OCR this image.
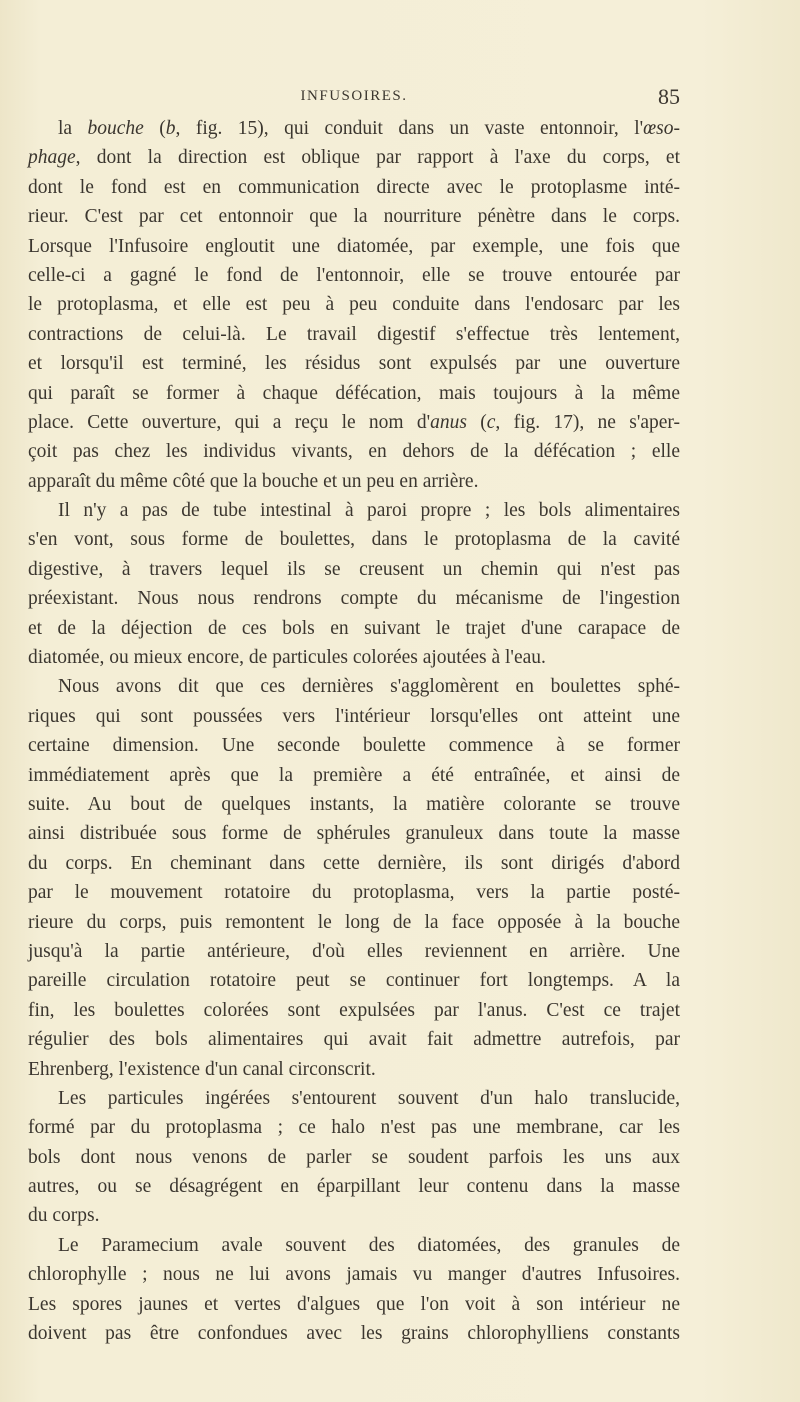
INFUSOIRES.	85
la bouche (b, fig. 15), qui conduit dans un vaste entonnoir, l'œso-
phage, dont la direction est oblique par rapport à l'axe du corps, et
dont le fond est en communication directe avec le protoplasme inté-
rieur. C'est par cet entonnoir que la nourriture pénètre dans le corps.
Lorsque l'Infusoire engloutit une diatomée, par exemple, une fois que
celle-ci a gagné le fond de l'entonnoir, elle se trouve entourée par
le protoplasma, et elle est peu à peu conduite dans l'endosarc par les
contractions de celui-là. Le travail digestif s'effectue très lentement,
et lorsqu'il est terminé, les résidus sont expulsés par une ouverture
qui paraît se former à chaque défécation, mais toujours à la même
place. Cette ouverture, qui a reçu le nom d'anus (c, fig. 17), ne s'aper-
çoit pas chez les individus vivants, en dehors de la défécation ; elle
apparaît du même côté que la bouche et un peu en arrière.
Il n'y a pas de tube intestinal à paroi propre ; les bols alimentaires
s'en vont, sous forme de boulettes, dans le protoplasma de la cavité
digestive, à travers lequel ils se creusent un chemin qui n'est pas
préexistant. Nous nous rendrons compte du mécanisme de l'ingestion
et de la déjection de ces bols en suivant le trajet d'une carapace de
diatomée, ou mieux encore, de particules colorées ajoutées à l'eau.
Nous avons dit que ces dernières s'agglomèrent en boulettes sphé-
riques qui sont poussées vers l'intérieur lorsqu'elles ont atteint une
certaine dimension. Une seconde boulette commence à se former
immédiatement après que la première a été entraînée, et ainsi de
suite. Au bout de quelques instants, la matière colorante se trouve
ainsi distribuée sous forme de sphérules granuleux dans toute la masse
du corps. En cheminant dans cette dernière, ils sont dirigés d'abord
par le mouvement rotatoire du protoplasma, vers la partie posté-
rieure du corps, puis remontent le long de la face opposée à la bouche
jusqu'à la partie antérieure, d'où elles reviennent en arrière. Une
pareille circulation rotatoire peut se continuer fort longtemps. A la
fin, les boulettes colorées sont expulsées par l'anus. C'est ce trajet
régulier des bols alimentaires qui avait fait admettre autrefois, par
Ehrenberg, l'existence d'un canal circonscrit.
Les particules ingérées s'entourent souvent d'un halo translucide,
formé par du protoplasma ; ce halo n'est pas une membrane, car les
bols dont nous venons de parler se soudent parfois les uns aux
autres, ou se désagrégent en éparpillant leur contenu dans la masse
du corps.
Le Paramecium avale souvent des diatomées, des granules de
chlorophylle ; nous ne lui avons jamais vu manger d'autres Infusoires.
Les spores jaunes et vertes d'algues que l'on voit à son intérieur ne
doivent pas être confondues avec les grains chlorophylliens constants
